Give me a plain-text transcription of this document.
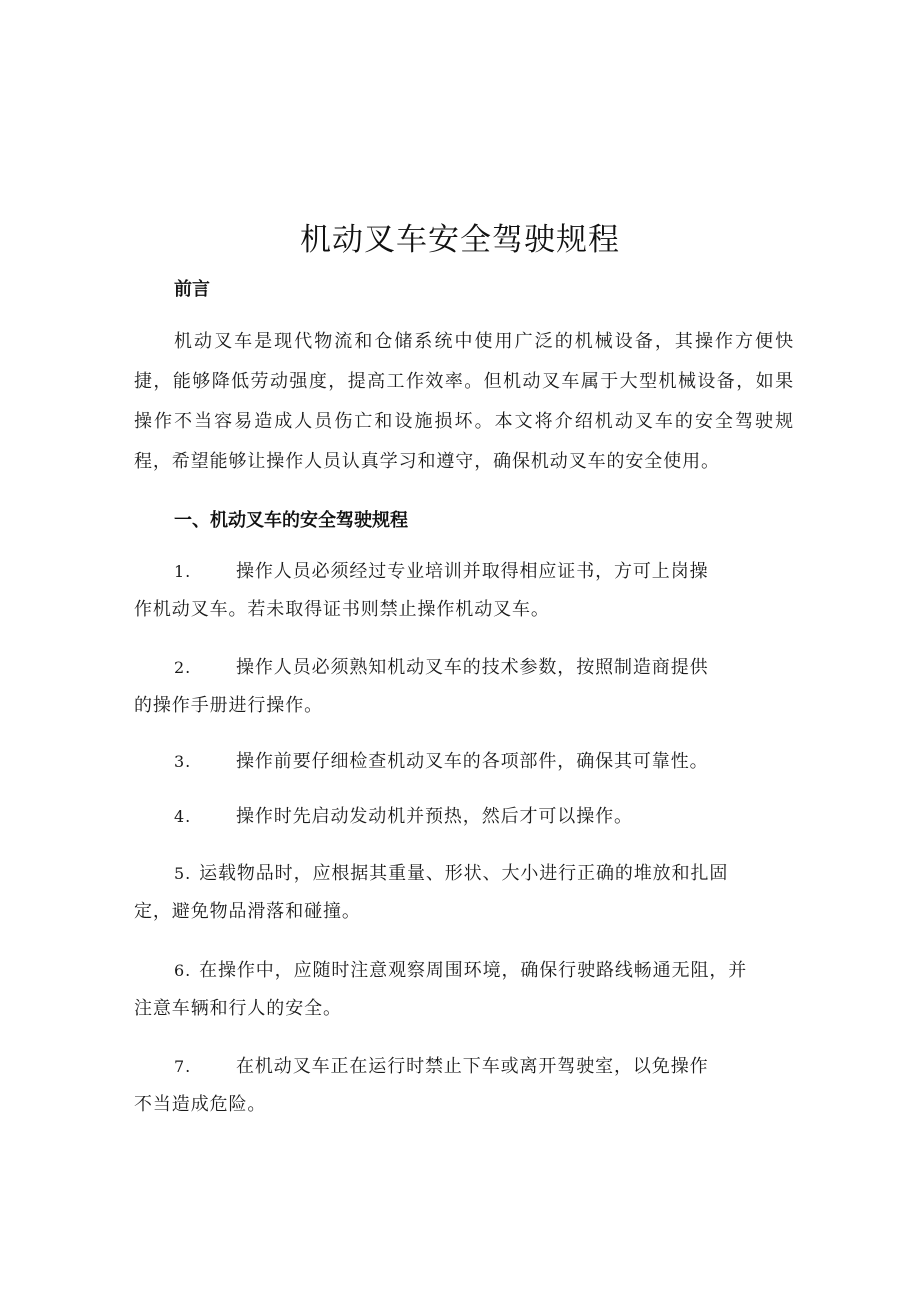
机动叉车安全驾驶规程
前言

机动叉车是现代物流和仓储系统中使用广泛的机械设备，其操作方便快捷，能够降低劳动强度，提高工作效率。但机动叉车属于大型机械设备，如果操作不当容易造成人员伤亡和设施损坏。本文将介绍机动叉车的安全驾驶规程，希望能够让操作人员认真学习和遵守，确保机动叉车的安全使用。

一、机动叉车的安全驾驶规程
1. 操作人员必须经过专业培训并取得相应证书，方可上岗操
作机动叉车。若未取得证书则禁止操作机动叉车。
2. 操作人员必须熟知机动叉车的技术参数，按照制造商提供
的操作手册进行操作。
3. 操作前要仔细检查机动叉车的各项部件，确保其可靠性。
4. 操作时先启动发动机并预热，然后才可以操作。
5. 运载物品时，应根据其重量、形状、大小进行正确的堆放和扎固
定，避免物品滑落和碰撞。
6. 在操作中，应随时注意观察周围环境，确保行驶路线畅通无阻，并
注意车辆和行人的安全。
7. 在机动叉车正在运行时禁止下车或离开驾驶室，以免操作
不当造成危险。
